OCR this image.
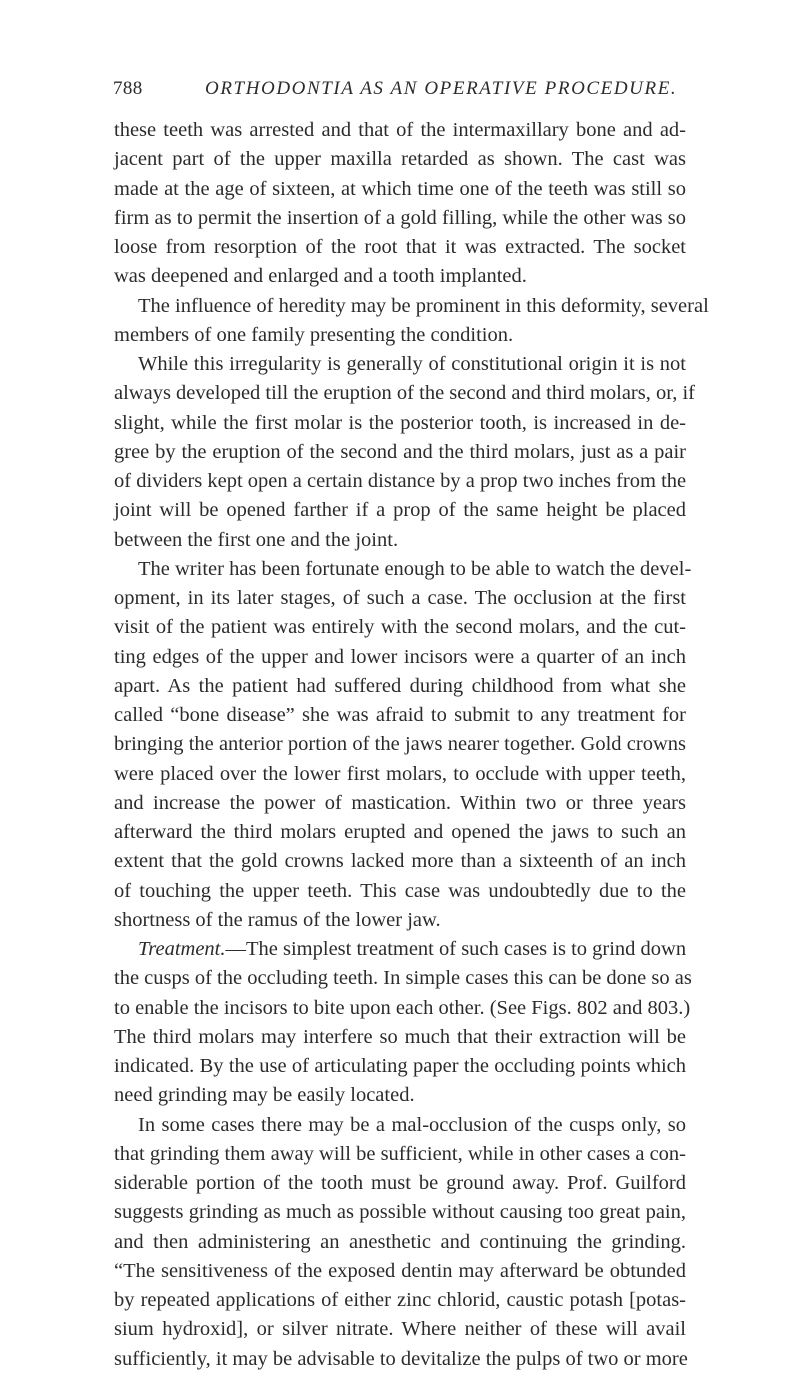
788	ORTHODONTIA AS AN OPERATIVE PROCEDURE.
these teeth was arrested and that of the intermaxillary bone and ad-
jacent part of the upper maxilla retarded as shown. The cast was
made at the age of sixteen, at which time one of the teeth was still so
firm as to permit the insertion of a gold filling, while the other was so
loose from resorption of the root that it was extracted. The socket
was deepened and enlarged and a tooth implanted.
The influence of heredity may be prominent in this deformity, several
members of one family presenting the condition.
While this irregularity is generally of constitutional origin it is not
always developed till the eruption of the second and third molars, or, if
slight, while the first molar is the posterior tooth, is increased in de-
gree by the eruption of the second and the third molars, just as a pair
of dividers kept open a certain distance by a prop two inches from the
joint will be opened farther if a prop of the same height be placed
between the first one and the joint.
The writer has been fortunate enough to be able to watch the devel-
opment, in its later stages, of such a case. The occlusion at the first
visit of the patient was entirely with the second molars, and the cut-
ting edges of the upper and lower incisors were a quarter of an inch
apart. As the patient had suffered during childhood from what she
called “bone disease” she was afraid to submit to any treatment for
bringing the anterior portion of the jaws nearer together. Gold crowns
were placed over the lower first molars, to occlude with upper teeth,
and increase the power of mastication. Within two or three years
afterward the third molars erupted and opened the jaws to such an
extent that the gold crowns lacked more than a sixteenth of an inch
of touching the upper teeth. This case was undoubtedly due to the
shortness of the ramus of the lower jaw.
Treatment.—The simplest treatment of such cases is to grind down
the cusps of the occluding teeth. In simple cases this can be done so as
to enable the incisors to bite upon each other. (See Figs. 802 and 803.)
The third molars may interfere so much that their extraction will be
indicated. By the use of articulating paper the occluding points which
need grinding may be easily located.
In some cases there may be a mal-occlusion of the cusps only, so
that grinding them away will be sufficient, while in other cases a con-
siderable portion of the tooth must be ground away. Prof. Guilford
suggests grinding as much as possible without causing too great pain,
and then administering an anesthetic and continuing the grinding.
“The sensitiveness of the exposed dentin may afterward be obtunded
by repeated applications of either zinc chlorid, caustic potash [potas-
sium hydroxid], or silver nitrate. Where neither of these will avail
sufficiently, it may be advisable to devitalize the pulps of two or more
